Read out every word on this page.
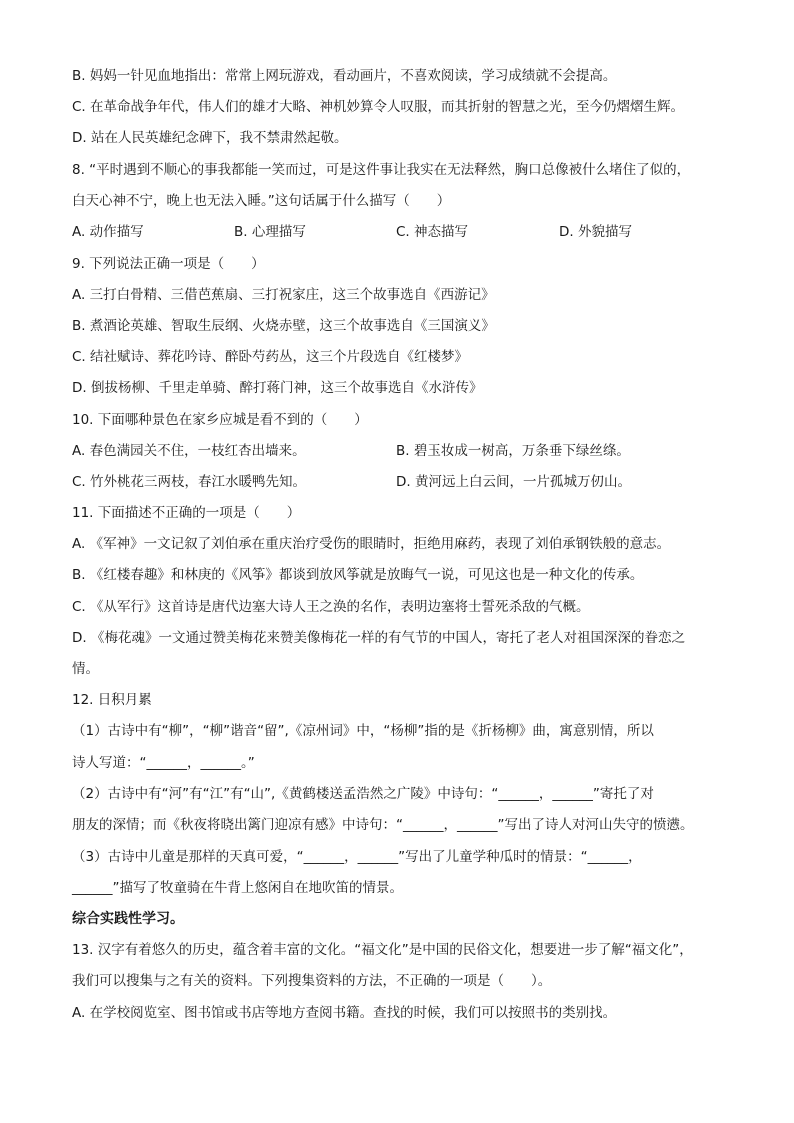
B. 妈妈一针见血地指出：常常上网玩游戏，看动画片，不喜欢阅读，学习成绩就不会提高。
C. 在革命战争年代，伟人们的雄才大略、神机妙算令人叹服，而其折射的智慧之光，至今仍熠熠生辉。
D. 站在人民英雄纪念碑下，我不禁肃然起敬。
8. “平时遇到不顺心的事我都能一笑而过，可是这件事让我实在无法释然，胸口总像被什么堵住了似的，
白天心神不宁，晚上也无法入睡。”这句话属于什么描写（　　）
A. 动作描写	B. 心理描写	C. 神态描写	D. 外貌描写
9. 下列说法正确一项是（　　）
A. 三打白骨精、三借芭蕉扇、三打祝家庄，这三个故事选自《西游记》
B. 煮酒论英雄、智取生辰纲、火烧赤壁，这三个故事选自《三国演义》
C. 结社赋诗、葬花吟诗、醉卧芍药丛，这三个片段选自《红楼梦》
D. 倒拔杨柳、千里走单骑、醉打蒋门神，这三个故事选自《水浒传》
10. 下面哪种景色在家乡应城是看不到的（　　）
A. 春色满园关不住，一枝红杏出墙来。	B. 碧玉妆成一树高，万条垂下绿丝绦。
C. 竹外桃花三两枝，春江水暖鸭先知。	D. 黄河远上白云间，一片孤城万仞山。
11. 下面描述不正确的一项是（　　）
A. 《军神》一文记叙了刘伯承在重庆治疗受伤的眼睛时，拒绝用麻药，表现了刘伯承钢铁般的意志。
B. 《红楼春趣》和林庚的《风筝》都谈到放风筝就是放晦气一说，可见这也是一种文化的传承。
C. 《从军行》这首诗是唐代边塞大诗人王之涣的名作，表明边塞将士誓死杀敌的气概。
D. 《梅花魂》一文通过赞美梅花来赞美像梅花一样的有气节的中国人，寄托了老人对祖国深深的眷恋之
情。
12. 日积月累
（1）古诗中有“柳”，“柳”谐音“留”,《凉州词》中，“杨柳”指的是《折杨柳》曲，寓意别情，所以
诗人写道：“______，______。”
（2）古诗中有“河”有“江”有“山”,《黄鹤楼送孟浩然之广陵》中诗句：“______，______”寄托了对
朋友的深情；而《秋夜将晓出篱门迎凉有感》中诗句：“______，______”写出了诗人对河山失守的愤懑。
（3）古诗中儿童是那样的天真可爱，“______，______”写出了儿童学种瓜时的情景：“______，
______”描写了牧童骑在牛背上悠闲自在地吹笛的情景。
综合实践性学习。
13. 汉字有着悠久的历史，蕴含着丰富的文化。“福文化”是中国的民俗文化，想要进一步了解“福文化”，
我们可以搜集与之有关的资料。下列搜集资料的方法，不正确的一项是（　　）。
A. 在学校阅览室、图书馆或书店等地方查阅书籍。查找的时候，我们可以按照书的类别找。
